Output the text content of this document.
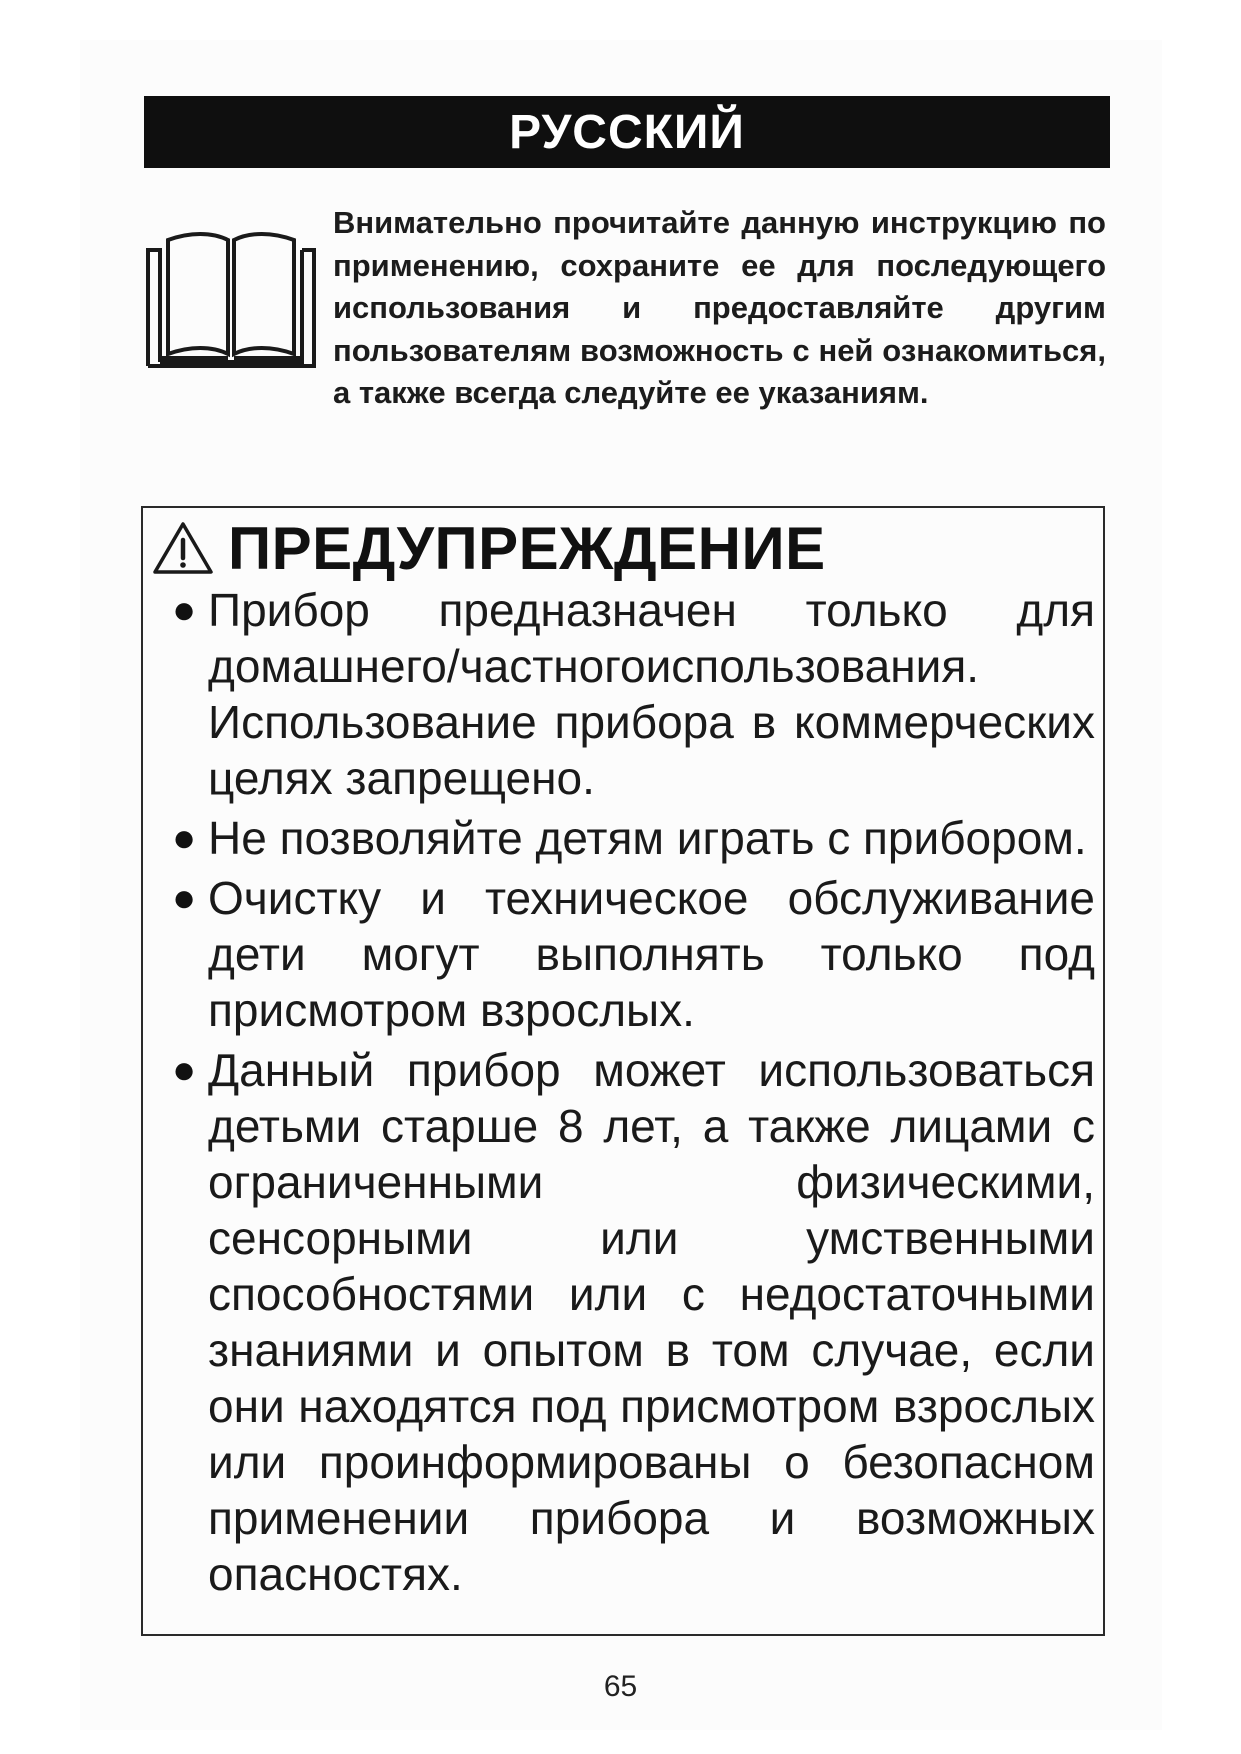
РУССКИЙ
Внимательно прочитайте данную инструкцию по применению, сохраните ее для последующего использования и предоставляйте другим пользователям возможность с ней ознакомиться, а также всегда следуйте ее указаниям.
ПРЕДУПРЕЖДЕНИЕ
● Прибор предназначен только для домашнего/частногоиспользования. Использование прибора в коммерческих целях запрещено.
● Не позволяйте детям играть с прибором.
● Очистку и техническое обслуживание дети могут выполнять только под присмотром взрослых.
● Данный прибор может использоваться детьми старше 8 лет, а также лицами с ограниченными физическими, сенсорными или умственными способностями или с недостаточными знаниями и опытом в том случае, если они находятся под присмотром взрослых или проинформированы о безопасном применении прибора и возможных опасностях.
65
